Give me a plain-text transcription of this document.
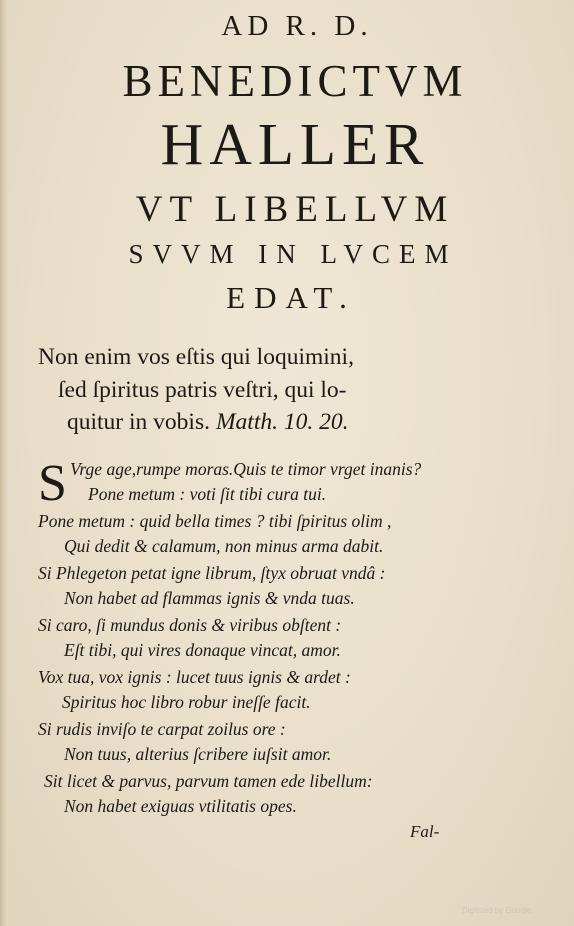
AD R. D.
BENEDICTVM
HALLER
VT LIBELLVM
SVVM IN LVCEM
EDAT.
Non enim vos eſtis qui loquimini,
ſed ſpiritus patris veſtri, qui lo-
quitur in vobis. Matth. 10. 20.
S Vrge age,rumpe moras.Quis te timor vrget inanis?
Pone metum : voti ſit tibi cura tui.
Pone metum : quid bella times ? tibi ſpiritus olim ,
Qui dedit & calamum, non minus arma dabit.
Si Phlegeton petat igne librum, ſtyx obruat vndâ :
Non habet ad flammas ignis & vnda tuas.
Si caro, ſi mundus donis & viribus obſtent :
Eſt tibi, qui vires donaque vincat, amor.
Vox tua, vox ignis : lucet tuus ignis & ardet :
Spiritus hoc libro robur ineſſe facit.
Si rudis inviſo te carpat zoilus ore :
Non tuus, alterius ſcribere iuſsit amor.
Sit licet & parvus, parvum tamen ede libellum:
Non habet exiguas vtilitatis opes.
Fal-
Digitized by Google
